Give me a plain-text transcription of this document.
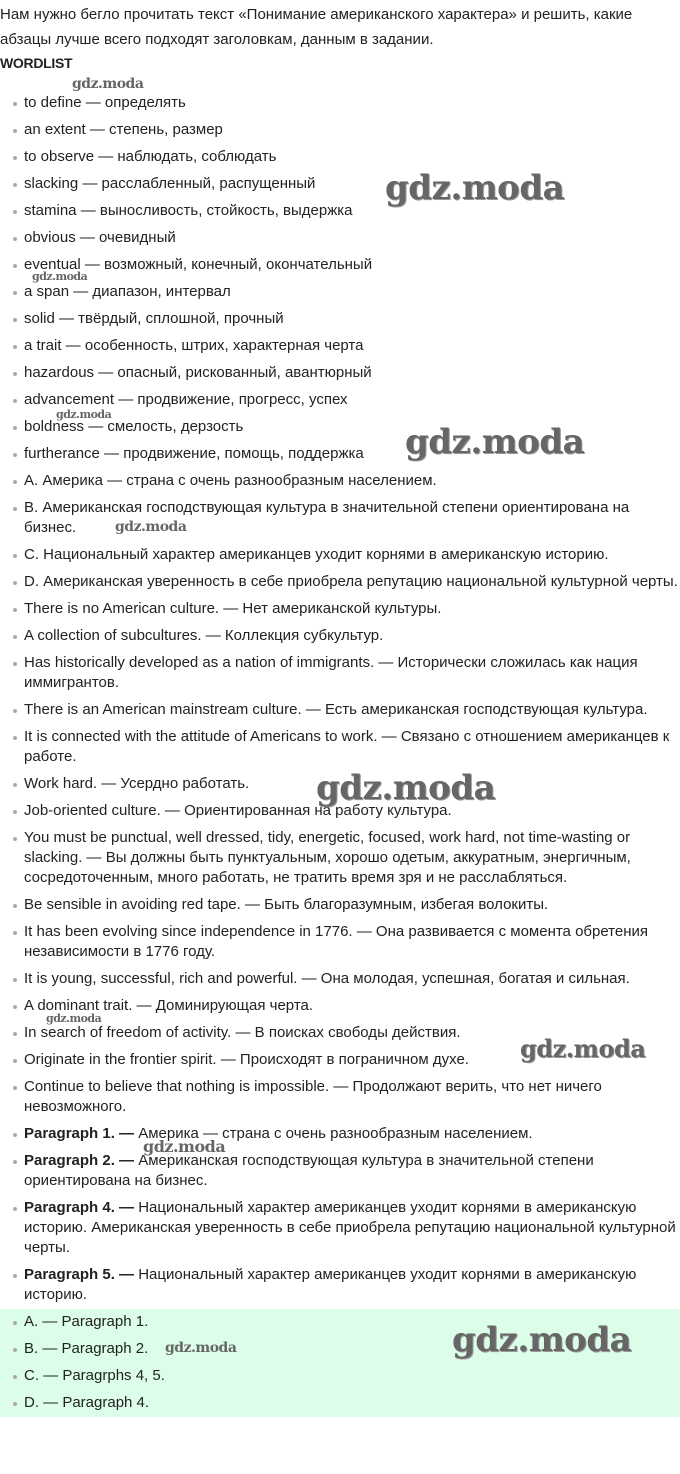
Нам нужно бегло прочитать текст «Понимание американского характера» и решить, какие абзацы лучше всего подходят заголовкам, данным в задании.

WORDLIST

to define — определять
an extent — степень, размер
to observe — наблюдать, соблюдать
slacking — расслабленный, распущенный
stamina — выносливость, стойкость, выдержка
obvious — очевидный
eventual — возможный, конечный, окончательный
a span — диапазон, интервал
solid — твёрдый, сплошной, прочный
a trait — особенность, штрих, характерная черта
hazardous — опасный, рискованный, авантюрный
advancement — продвижение, прогресс, успех
boldness — смелость, дерзость
furtherance — продвижение, помощь, поддержка
A. Америка — страна с очень разнообразным населением.
B. Американская господствующая культура в значительной степени ориентирована на бизнес.
C. Национальный характер американцев уходит корнями в американскую историю.
D. Американская уверенность в себе приобрела репутацию национальной культурной черты.
There is no American culture. — Нет американской культуры.
A collection of subcultures. — Коллекция субкультур.
Has historically developed as a nation of immigrants. — Исторически сложилась как нация иммигрантов.
There is an American mainstream culture. — Есть американская господствующая культура.
It is connected with the attitude of Americans to work. — Связано с отношением американцев к работе.
Work hard. — Усердно работать.
Job-oriented culture. — Ориентированная на работу культура.
You must be punctual, well dressed, tidy, energetic, focused, work hard, not time-wasting or slacking. — Вы должны быть пунктуальным, хорошо одетым, аккуратным, энергичным, сосредоточенным, много работать, не тратить время зря и не расслабляться.
Be sensible in avoiding red tape. — Быть благоразумным, избегая волокиты.
It has been evolving since independence in 1776. — Она развивается с момента обретения независимости в 1776 году.
It is young, successful, rich and powerful. — Она молодая, успешная, богатая и сильная.
A dominant trait. — Доминирующая черта.
In search of freedom of activity. — В поисках свободы действия.
Originate in the frontier spirit. — Происходят в пограничном духе.
Continue to believe that nothing is impossible. — Продолжают верить, что нет ничего невозможного.
Paragraph 1. — Америка — страна с очень разнообразным населением.
Paragraph 2. — Американская господствующая культура в значительной степени ориентирована на бизнес.
Paragraph 4. — Национальный характер американцев уходит корнями в американскую историю. Американская уверенность в себе приобрела репутацию национальной культурной черты.
Paragraph 5. — Национальный характер американцев уходит корнями в американскую историю.
A. — Paragraph 1.
B. — Paragraph 2.
C. — Paragrphs 4, 5.
D. — Paragraph 4.
gdz.moda
gdz.moda
gdz.moda
gdz.moda
gdz.moda
gdz.moda
gdz.moda
gdz.moda
gdz.moda
gdz.moda
gdz.moda
gdz.moda
